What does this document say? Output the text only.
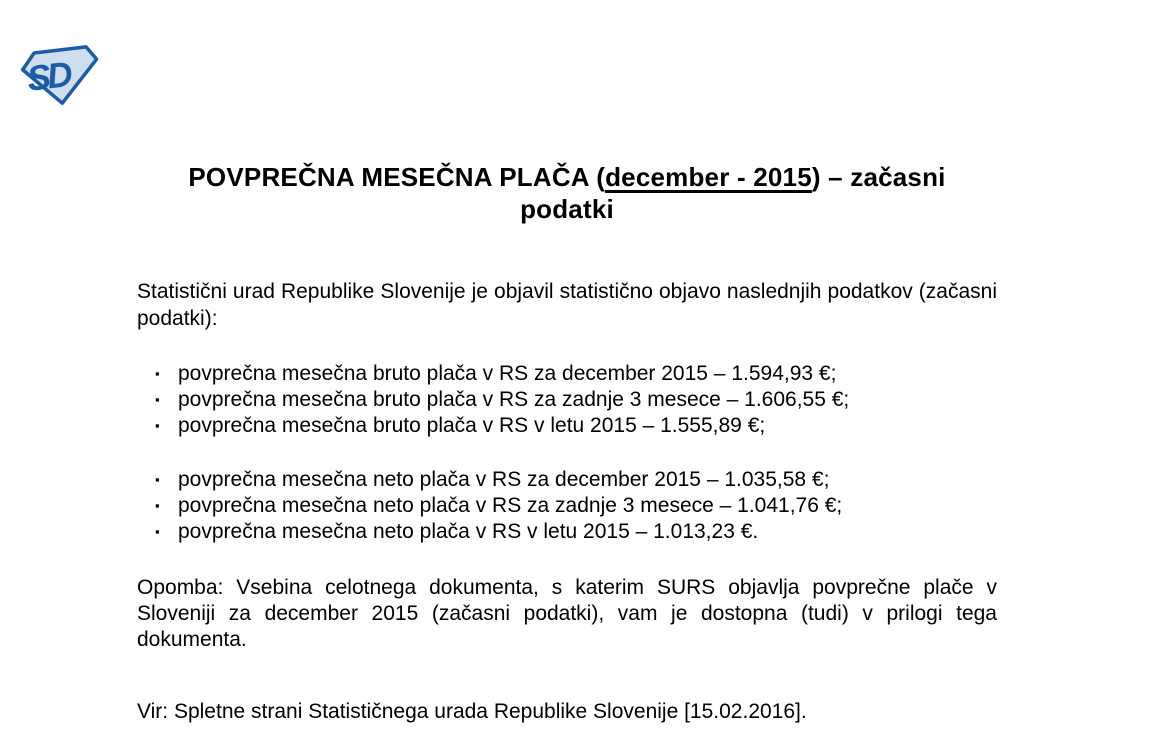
SD
POVPREČNA MESEČNA PLAČA (december - 2015) – začasni
podatki

Statistični urad Republike Slovenije je objavil statistično objavo naslednjih podatkov (začasni podatki):

▪ povprečna mesečna bruto plača v RS za december 2015 – 1.594,93 €;
▪ povprečna mesečna bruto plača v RS za zadnje 3 mesece – 1.606,55 €;
▪ povprečna mesečna bruto plača v RS v letu 2015 – 1.555,89 €;
▪ povprečna mesečna neto plača v RS za december 2015 – 1.035,58 €;
▪ povprečna mesečna neto plača v RS za zadnje 3 mesece – 1.041,76 €;
▪ povprečna mesečna neto plača v RS v letu 2015 – 1.013,23 €.

Opomba: Vsebina celotnega dokumenta, s katerim SURS objavlja povprečne plače v Sloveniji za december 2015 (začasni podatki), vam je dostopna (tudi) v prilogi tega dokumenta.

Vir: Spletne strani Statističnega urada Republike Slovenije [15.02.2016].
